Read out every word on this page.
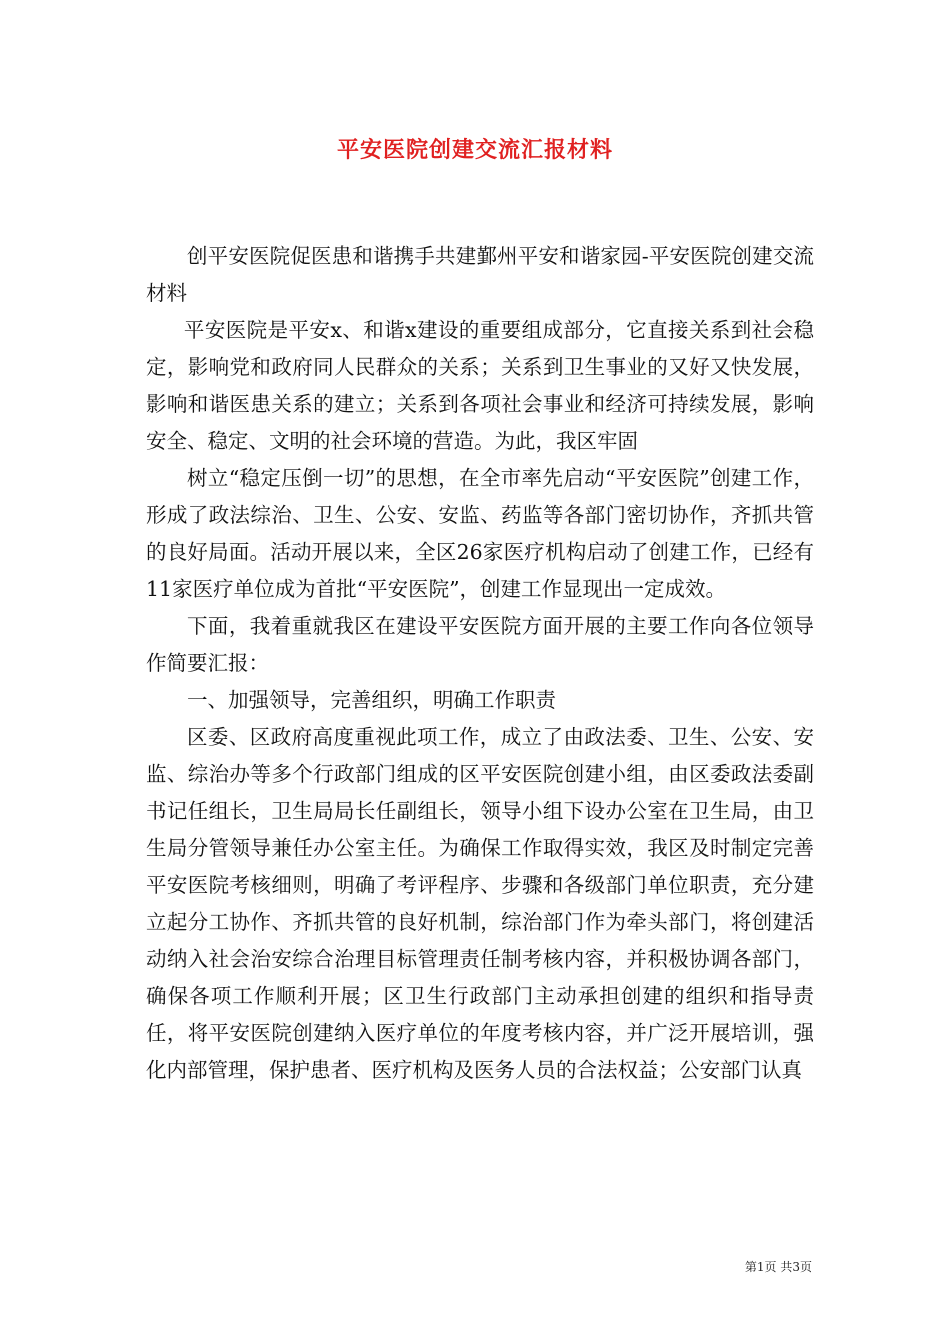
平安医院创建交流汇报材料

创平安医院促医患和谐携手共建鄞州平安和谐家园-平安医院创建交流材料

平安医院是平安x、和谐x建设的重要组成部分，它直接关系到社会稳定，影响党和政府同人民群众的关系；关系到卫生事业的又好又快发展，影响和谐医患关系的建立；关系到各项社会事业和经济可持续发展，影响安全、稳定、文明的社会环境的营造。为此，我区牢固

树立“稳定压倒一切”的思想，在全市率先启动“平安医院”创建工作，形成了政法综治、卫生、公安、安监、药监等各部门密切协作，齐抓共管的良好局面。活动开展以来，全区26家医疗机构启动了创建工作，已经有11家医疗单位成为首批“平安医院”，创建工作显现出一定成效。

下面，我着重就我区在建设平安医院方面开展的主要工作向各位领导作简要汇报：

一、加强领导，完善组织，明确工作职责

区委、区政府高度重视此项工作，成立了由政法委、卫生、公安、安监、综治办等多个行政部门组成的区平安医院创建小组，由区委政法委副书记任组长，卫生局局长任副组长，领导小组下设办公室在卫生局，由卫生局分管领导兼任办公室主任。为确保工作取得实效，我区及时制定完善平安医院考核细则，明确了考评程序、步骤和各级部门单位职责，充分建立起分工协作、齐抓共管的良好机制，综治部门作为牵头部门，将创建活动纳入社会治安综合治理目标管理责任制考核内容，并积极协调各部门，确保各项工作顺利开展；区卫生行政部门主动承担创建的组织和指导责任，将平安医院创建纳入医疗单位的年度考核内容，并广泛开展培训，强化内部管理，保护患者、医疗机构及医务人员的合法权益；公安部门认真

第1页 共3页
